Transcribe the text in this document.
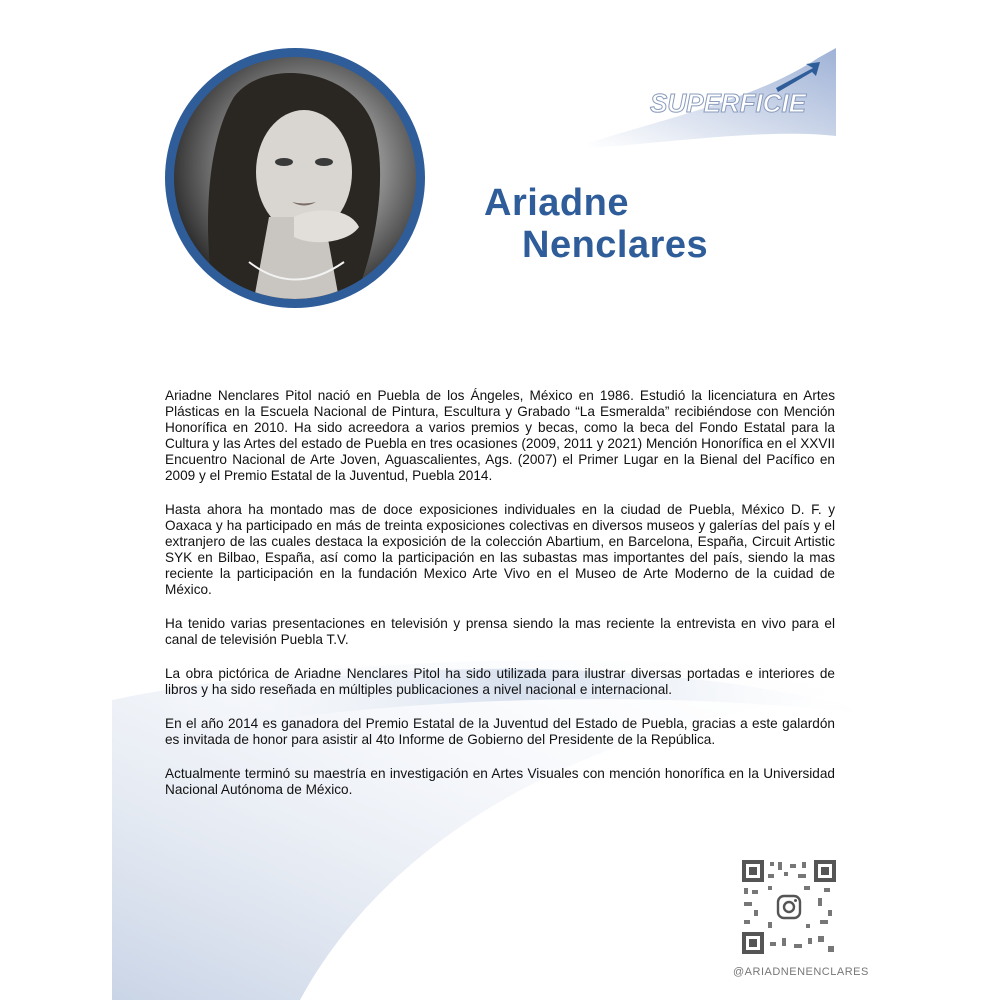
SUPERFICIE
Ariadne
Nenclares

Ariadne Nenclares Pitol nació en Puebla de los Ángeles, México en 1986. Estudió la licenciatura en Artes Plásticas en la Escuela Nacional de Pintura, Escultura y Grabado “La Esmeralda” recibiéndose con Mención Honorífica en 2010. Ha sido acreedora a varios premios y becas, como la beca del Fondo Estatal para la Cultura y las Artes del estado de Puebla en tres ocasiones (2009, 2011 y 2021) Mención Honorífica en el XXVII Encuentro Nacional de Arte Joven, Aguascalientes, Ags. (2007) el Primer Lugar en la Bienal del Pacífico en 2009 y el Premio Estatal de la Juventud, Puebla 2014.

Hasta ahora ha montado mas de doce exposiciones individuales en la ciudad de Puebla, México D. F. y Oaxaca y ha participado en más de treinta exposiciones colectivas en diversos museos y galerías del país y el extranjero de las cuales destaca la exposición de la colección Abartium, en Barcelona, España, Circuit Artistic SYK en Bilbao, España, así como la participación en las subastas mas importantes del país, siendo la mas reciente la participación en la fundación Mexico Arte Vivo en el Museo de Arte Moderno de la cuidad de México.

Ha tenido varias presentaciones en televisión y prensa siendo la mas reciente la entrevista en vivo para el canal de televisión Puebla T.V.

La obra pictórica de Ariadne Nenclares Pitol ha sido utilizada para ilustrar diversas portadas e interiores de libros y ha sido reseñada en múltiples publicaciones a nivel nacional e internacional.

En el año 2014 es ganadora del Premio Estatal de la Juventud del Estado de Puebla, gracias a este galardón es invitada de honor para asistir al 4to Informe de Gobierno del Presidente de la República.

Actualmente terminó su maestría en investigación en Artes Visuales con mención honorífica en la Universidad Nacional Autónoma de México.

@ARIADNENENCLARES
